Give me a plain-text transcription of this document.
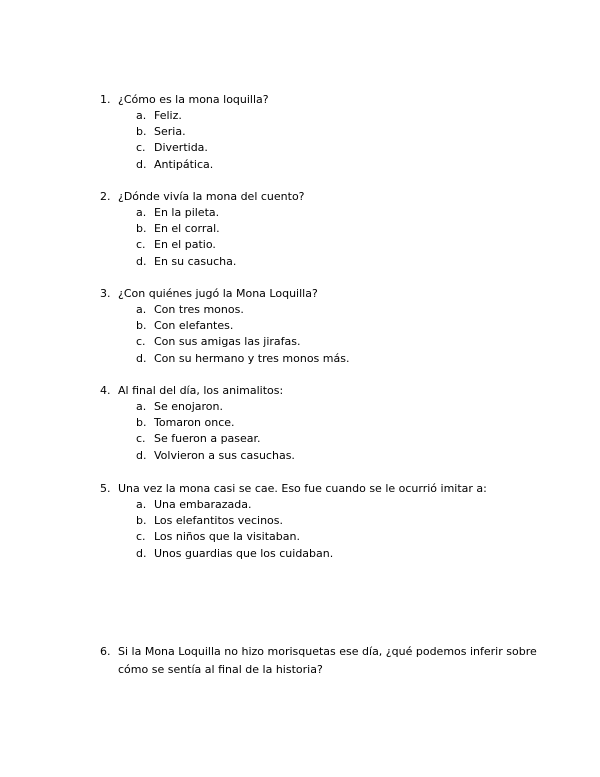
1. ¿Cómo es la mona loquilla?
a. Feliz.
b. Seria.
c. Divertida.
d. Antipática.
2. ¿Dónde vivía la mona del cuento?
a. En la pileta.
b. En el corral.
c. En el patio.
d. En su casucha.
3. ¿Con quiénes jugó la Mona Loquilla?
a. Con tres monos.
b. Con elefantes.
c. Con sus amigas las jirafas.
d. Con su hermano y tres monos más.
4. Al final del día, los animalitos:
a. Se enojaron.
b. Tomaron once.
c. Se fueron a pasear.
d. Volvieron a sus casuchas.
5. Una vez la mona casi se cae. Eso fue cuando se le ocurrió imitar a:
a. Una embarazada.
b. Los elefantitos vecinos.
c. Los niños que la visitaban.
d. Unos guardias que los cuidaban.
6. Si la Mona Loquilla no hizo morisquetas ese día, ¿qué podemos inferir sobre
cómo se sentía al final de la historia?
